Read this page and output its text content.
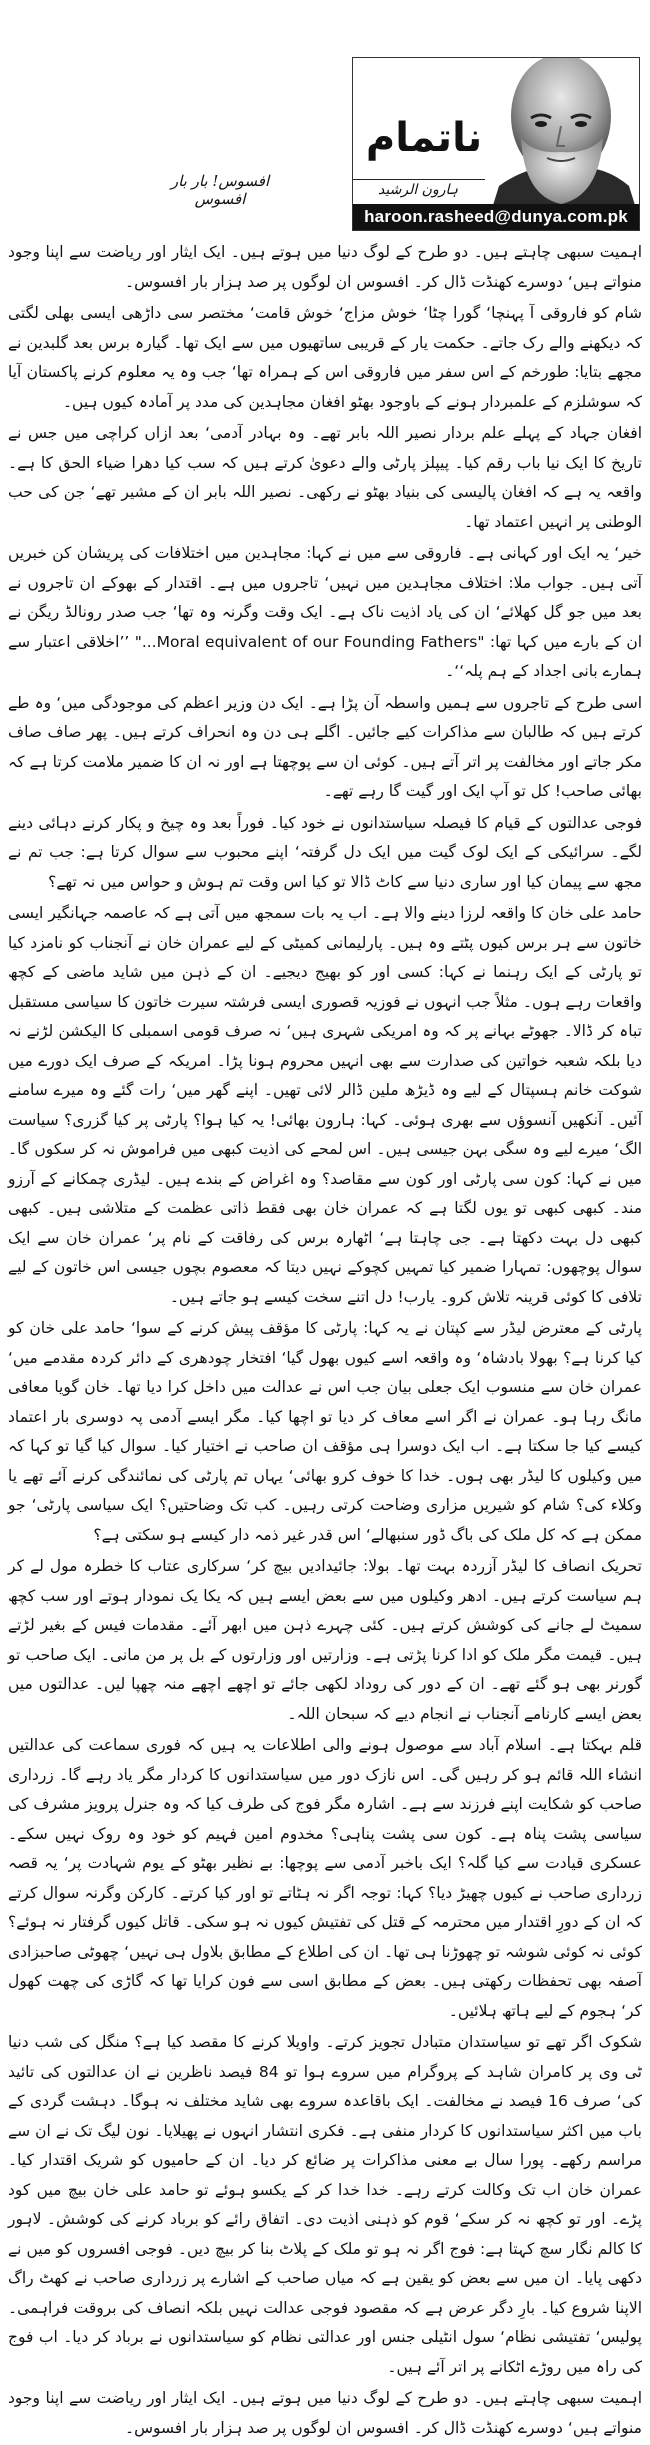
افسوس! بار بار افسوس
ناتمام
ہارون الرشید
haroon.rasheed@dunya.com.pk

اہمیت سبھی چاہتے ہیں۔ دو طرح کے لوگ دنیا میں ہوتے ہیں۔ ایک ایثار اور ریاضت سے اپنا وجود منواتے ہیں‘ دوسرے کھنڈت ڈال کر۔ افسوس ان لوگوں پر صد ہزار بار افسوس۔

شام کو فاروقی آ پہنچا‘ گورا چٹا‘ خوش مزاج‘ خوش قامت‘ مختصر سی داڑھی ایسی بھلی لگتی کہ دیکھنے والے رک جاتے۔ حکمت یار کے قریبی ساتھیوں میں سے ایک تھا۔ گیارہ برس بعد گلبدین نے مجھے بتایا: طورخم کے اس سفر میں فاروقی اس کے ہمراہ تھا‘ جب وہ یہ معلوم کرنے پاکستان آیا کہ سوشلزم کے علمبردار ہونے کے باوجود بھٹو افغان مجاہدین کی مدد پر آمادہ کیوں ہیں۔

افغان جہاد کے پہلے علم بردار نصیر اللہ بابر تھے۔ وہ بہادر آدمی‘ بعد ازاں کراچی میں جس نے تاریخ کا ایک نیا باب رقم کیا۔ پیپلز پارٹی والے دعویٰ کرتے ہیں کہ سب کیا دھرا ضیاء الحق کا ہے۔ واقعہ یہ ہے کہ افغان پالیسی کی بنیاد بھٹو نے رکھی۔ نصیر اللہ بابر ان کے مشیر تھے‘ جن کی حب الوطنی پر انہیں اعتماد تھا۔

خیر‘ یہ ایک اور کہانی ہے۔ فاروقی سے میں نے کہا: مجاہدین میں اختلافات کی پریشان کن خبریں آتی ہیں۔ جواب ملا: اختلاف مجاہدین میں نہیں‘ تاجروں میں ہے۔ اقتدار کے بھوکے ان تاجروں نے بعد میں جو گل کھلائے‘ ان کی یاد اذیت ناک ہے۔ ایک وقت وگرنہ وہ تھا‘ جب صدر رونالڈ ریگن نے ان کے بارے میں کہا تھا: "Moral equivalent of our Founding Fathers..." ’’اخلاقی اعتبار سے ہمارے بانی اجداد کے ہم پلہ‘‘۔

اسی طرح کے تاجروں سے ہمیں واسطہ آن پڑا ہے۔ ایک دن وزیر اعظم کی موجودگی میں‘ وہ طے کرتے ہیں کہ طالبان سے مذاکرات کیے جائیں۔ اگلے ہی دن وہ انحراف کرتے ہیں۔ پھر صاف صاف مکر جاتے اور مخالفت پر اتر آتے ہیں۔ کوئی ان سے پوچھتا ہے اور نہ ان کا ضمیر ملامت کرتا ہے کہ بھائی صاحب! کل تو آپ ایک اور گیت گا رہے تھے۔

فوجی عدالتوں کے قیام کا فیصلہ سیاستدانوں نے خود کیا۔ فوراً بعد وہ چیخ و پکار کرنے دہائی دینے لگے۔ سرائیکی کے ایک لوک گیت میں ایک دل گرفتہ‘ اپنے محبوب سے سوال کرتا ہے: جب تم نے مجھ سے پیمان کیا اور ساری دنیا سے کاٹ ڈالا تو کیا اس وقت تم ہوش و حواس میں نہ تھے؟

حامد علی خان کا واقعہ لرزا دینے والا ہے۔ اب یہ بات سمجھ میں آتی ہے کہ عاصمہ جہانگیر ایسی خاتون سے ہر برس کیوں پٹتے وہ ہیں۔ پارلیمانی کمیٹی کے لیے عمران خان نے آنجناب کو نامزد کیا تو پارٹی کے ایک رہنما نے کہا: کسی اور کو بھیج دیجیے۔ ان کے ذہن میں شاید ماضی کے کچھ واقعات رہے ہوں۔ مثلاً جب انہوں نے فوزیہ قصوری ایسی فرشتہ سیرت خاتون کا سیاسی مستقبل تباہ کر ڈالا۔ جھوٹے بہانے پر کہ وہ امریکی شہری ہیں‘ نہ صرف قومی اسمبلی کا الیکشن لڑنے نہ دیا بلکہ شعبہ خواتین کی صدارت سے بھی انہیں محروم ہونا پڑا۔ امریکہ کے صرف ایک دورے میں شوکت خانم ہسپتال کے لیے وہ ڈیڑھ ملین ڈالر لائی تھیں۔ اپنے گھر میں‘ رات گئے وہ میرے سامنے آئیں۔ آنکھیں آنسوؤں سے بھری ہوئی۔ کہا: ہارون بھائی! یہ کیا ہوا؟ پارٹی پر کیا گزری؟ سیاست الگ‘ میرے لیے وہ سگی بہن جیسی ہیں۔ اس لمحے کی اذیت کبھی میں فراموش نہ کر سکوں گا۔ میں نے کہا: کون سی پارٹی اور کون سے مقاصد؟ وہ اغراض کے بندے ہیں۔ لیڈری چمکانے کے آرزو مند۔ کبھی کبھی تو یوں لگتا ہے کہ عمران خان بھی فقط ذاتی عظمت کے متلاشی ہیں۔ کبھی کبھی دل بہت دکھتا ہے۔ جی چاہتا ہے‘ اٹھارہ برس کی رفاقت کے نام پر‘ عمران خان سے ایک سوال پوچھوں: تمہارا ضمیر کیا تمہیں کچوکے نہیں دیتا کہ معصوم بچوں جیسی اس خاتون کے لیے تلافی کا کوئی قرینہ تلاش کرو۔ یارب! دل اتنے سخت کیسے ہو جاتے ہیں۔

پارٹی کے معترض لیڈر سے کپتان نے یہ کہا: پارٹی کا مؤقف پیش کرنے کے سوا‘ حامد علی خان کو کیا کرنا ہے؟ بھولا بادشاہ‘ وہ واقعہ اسے کیوں بھول گیا‘ افتخار چودھری کے دائر کردہ مقدمے میں‘ عمران خان سے منسوب ایک جعلی بیان جب اس نے عدالت میں داخل کرا دیا تھا۔ خان گویا معافی مانگ رہا ہو۔ عمران نے اگر اسے معاف کر دیا تو اچھا کیا۔ مگر ایسے آدمی پہ دوسری بار اعتماد کیسے کیا جا سکتا ہے۔ اب ایک دوسرا ہی مؤقف ان صاحب نے اختیار کیا۔ سوال کیا گیا تو کہا کہ میں وکیلوں کا لیڈر بھی ہوں۔ خدا کا خوف کرو بھائی‘ یہاں تم پارٹی کی نمائندگی کرنے آئے تھے یا وکلاء کی؟ شام کو شیریں مزاری وضاحت کرتی رہیں۔ کب تک وضاحتیں؟ ایک سیاسی پارٹی‘ جو ممکن ہے کہ کل ملک کی باگ ڈور سنبھالے‘ اس قدر غیر ذمہ دار کیسے ہو سکتی ہے؟

تحریک انصاف کا لیڈر آزردہ بہت تھا۔ بولا: جائیدادیں بیچ کر‘ سرکاری عتاب کا خطرہ مول لے کر ہم سیاست کرتے ہیں۔ ادھر وکیلوں میں سے بعض ایسے ہیں کہ یکا یک نمودار ہوتے اور سب کچھ سمیٹ لے جانے کی کوشش کرتے ہیں۔ کئی چہرے ذہن میں ابھر آئے۔ مقدمات فیس کے بغیر لڑتے ہیں۔ قیمت مگر ملک کو ادا کرنا پڑتی ہے۔ وزارتیں اور وزارتوں کے بل پر من مانی۔ ایک صاحب تو گورنر بھی ہو گئے تھے۔ ان کے دور کی روداد لکھی جائے تو اچھے اچھے منہ چھپا لیں۔ عدالتوں میں بعض ایسے کارنامے آنجناب نے انجام دیے کہ سبحان اللہ۔

قلم بہکتا ہے۔ اسلام آباد سے موصول ہونے والی اطلاعات یہ ہیں کہ فوری سماعت کی عدالتیں انشاء اللہ قائم ہو کر رہیں گی۔ اس نازک دور میں سیاستدانوں کا کردار مگر یاد رہے گا۔ زرداری صاحب کو شکایت اپنے فرزند سے ہے۔ اشارہ مگر فوج کی طرف کیا کہ وہ جنرل پرویز مشرف کی سیاسی پشت پناہ ہے۔ کون سی پشت پناہی؟ مخدوم امین فہیم کو خود وہ روک نہیں سکے۔ عسکری قیادت سے کیا گلہ؟ ایک باخبر آدمی سے پوچھا: بے نظیر بھٹو کے یوم شہادت پر‘ یہ قصہ زرداری صاحب نے کیوں چھیڑ دیا؟ کہا: توجہ اگر نہ ہٹاتے تو اور کیا کرتے۔ کارکن وگرنہ سوال کرتے کہ ان کے دورِ اقتدار میں محترمہ کے قتل کی تفتیش کیوں نہ ہو سکی۔ قاتل کیوں گرفتار نہ ہوئے؟ کوئی نہ کوئی شوشہ تو چھوڑنا ہی تھا۔ ان کی اطلاع کے مطابق بلاول ہی نہیں‘ چھوٹی صاحبزادی آصفہ بھی تحفظات رکھتی ہیں۔ بعض کے مطابق اسی سے فون کرایا تھا کہ گاڑی کی چھت کھول کر‘ ہجوم کے لیے ہاتھ ہلائیں۔

شکوک اگر تھے تو سیاستدان متبادل تجویز کرتے۔ واویلا کرنے کا مقصد کیا ہے؟ منگل کی شب دنیا ٹی وی پر کامران شاہد کے پروگرام میں سروے ہوا تو 84 فیصد ناظرین نے ان عدالتوں کی تائید کی‘ صرف 16 فیصد نے مخالفت۔ ایک باقاعدہ سروے بھی شاید مختلف نہ ہوگا۔ دہشت گردی کے باب میں اکثر سیاستدانوں کا کردار منفی ہے۔ فکری انتشار انہوں نے پھیلایا۔ نون لیگ تک نے ان سے مراسم رکھے۔ پورا سال بے معنی مذاکرات پر ضائع کر دیا۔ ان کے حامیوں کو شریک اقتدار کیا۔ عمران خان اب تک وکالت کرتے رہے۔ خدا خدا کر کے یکسو ہوئے تو حامد علی خان بیچ میں کود پڑے۔ اور تو کچھ نہ کر سکے‘ قوم کو ذہنی اذیت دی۔ اتفاق رائے کو برباد کرنے کی کوشش۔ لاہور کا کالم نگار سچ کہتا ہے: فوج اگر نہ ہو تو ملک کے پلاٹ بنا کر بیچ دیں۔ فوجی افسروں کو میں نے دکھی پایا۔ ان میں سے بعض کو یقین ہے کہ میاں صاحب کے اشارے پر زرداری صاحب نے کھٹ راگ الاپنا شروع کیا۔ بارِ دگر عرض ہے کہ مقصود فوجی عدالت نہیں بلکہ انصاف کی بروقت فراہمی۔ پولیس‘ تفتیشی نظام‘ سول انٹیلی جنس اور عدالتی نظام کو سیاستدانوں نے برباد کر دیا۔ اب فوج کی راہ میں روڑے اٹکانے پر اتر آئے ہیں۔

اہمیت سبھی چاہتے ہیں۔ دو طرح کے لوگ دنیا میں ہوتے ہیں۔ ایک ایثار اور ریاضت سے اپنا وجود منواتے ہیں‘ دوسرے کھنڈت ڈال کر۔ افسوس ان لوگوں پر صد ہزار بار افسوس۔
